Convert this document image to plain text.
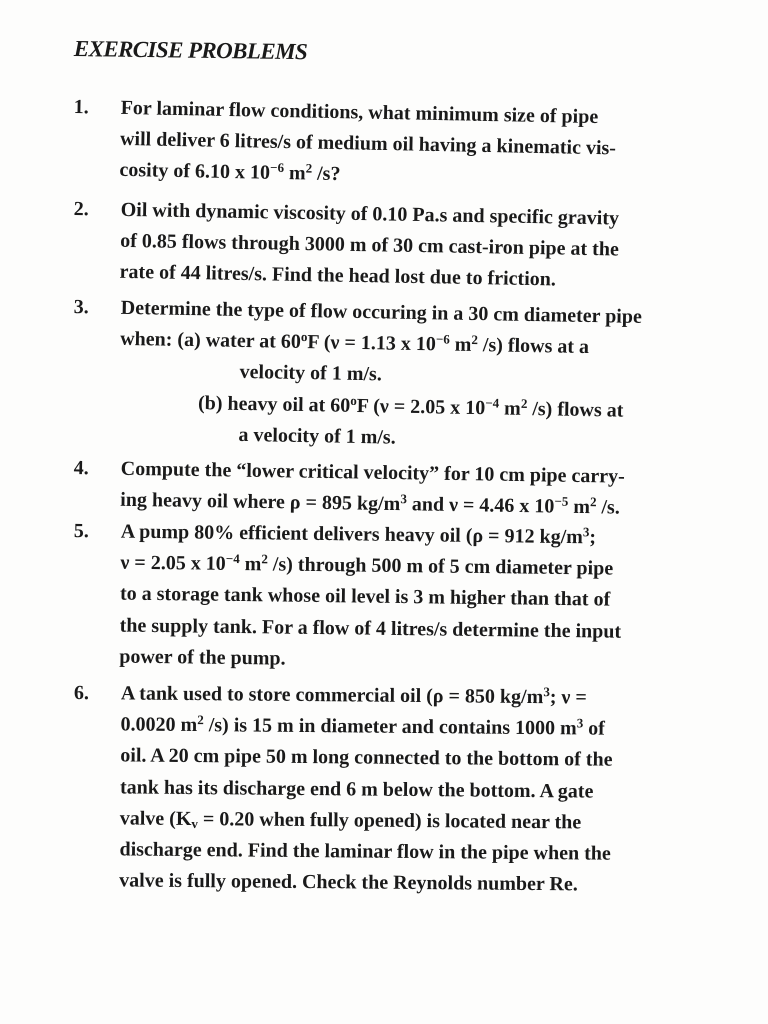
EXERCISE PROBLEMS
1.	For laminar flow conditions, what minimum size of pipe
will deliver 6 litres/s of medium oil having a kinematic vis-
cosity of 6.10 x $10^{-6}$ $m^2$ /s?
2.	Oil with dynamic viscosity of 0.10 Pa.s and specific gravity
of 0.85 flows through 3000 m of 30 cm cast-iron pipe at the
rate of 44 litres/s. Find the head lost due to friction.
3.	Determine the type of flow occuring in a 30 cm diameter pipe
when: (a) water at 60$^o$F (ν = 1.13 x $10^{-6}$ $m^2$ /s) flows at a
velocity of 1 m/s.
(b) heavy oil at 60$^o$F (ν = 2.05 x $10^{-4}$ $m^2$ /s) flows at
a velocity of 1 m/s.
4.	Compute the “lower critical velocity” for 10 cm pipe carry-
ing heavy oil where ρ = 895 $kg/m^3$ and ν = 4.46 x $10^{-5}$ $m^2$ /s.
5.	A pump 80% efficient delivers heavy oil (ρ = 912 $kg/m^3$;
ν = 2.05 x $10^{-4}$ $m^2$ /s) through 500 m of 5 cm diameter pipe
to a storage tank whose oil level is 3 m higher than that of
the supply tank. For a flow of 4 litres/s determine the input
power of the pump.
6.	A tank used to store commercial oil (ρ = 850 $kg/m^3$; ν =
0.0020 $m^2$ /s) is 15 m in diameter and contains 1000 $m^3$ of
oil. A 20 cm pipe 50 m long connected to the bottom of the
tank has its discharge end 6 m below the bottom. A gate
valve ($K_v = 0.20$ when fully opened) is located near the
discharge end. Find the laminar flow in the pipe when the
valve is fully opened. Check the Reynolds number Re.
